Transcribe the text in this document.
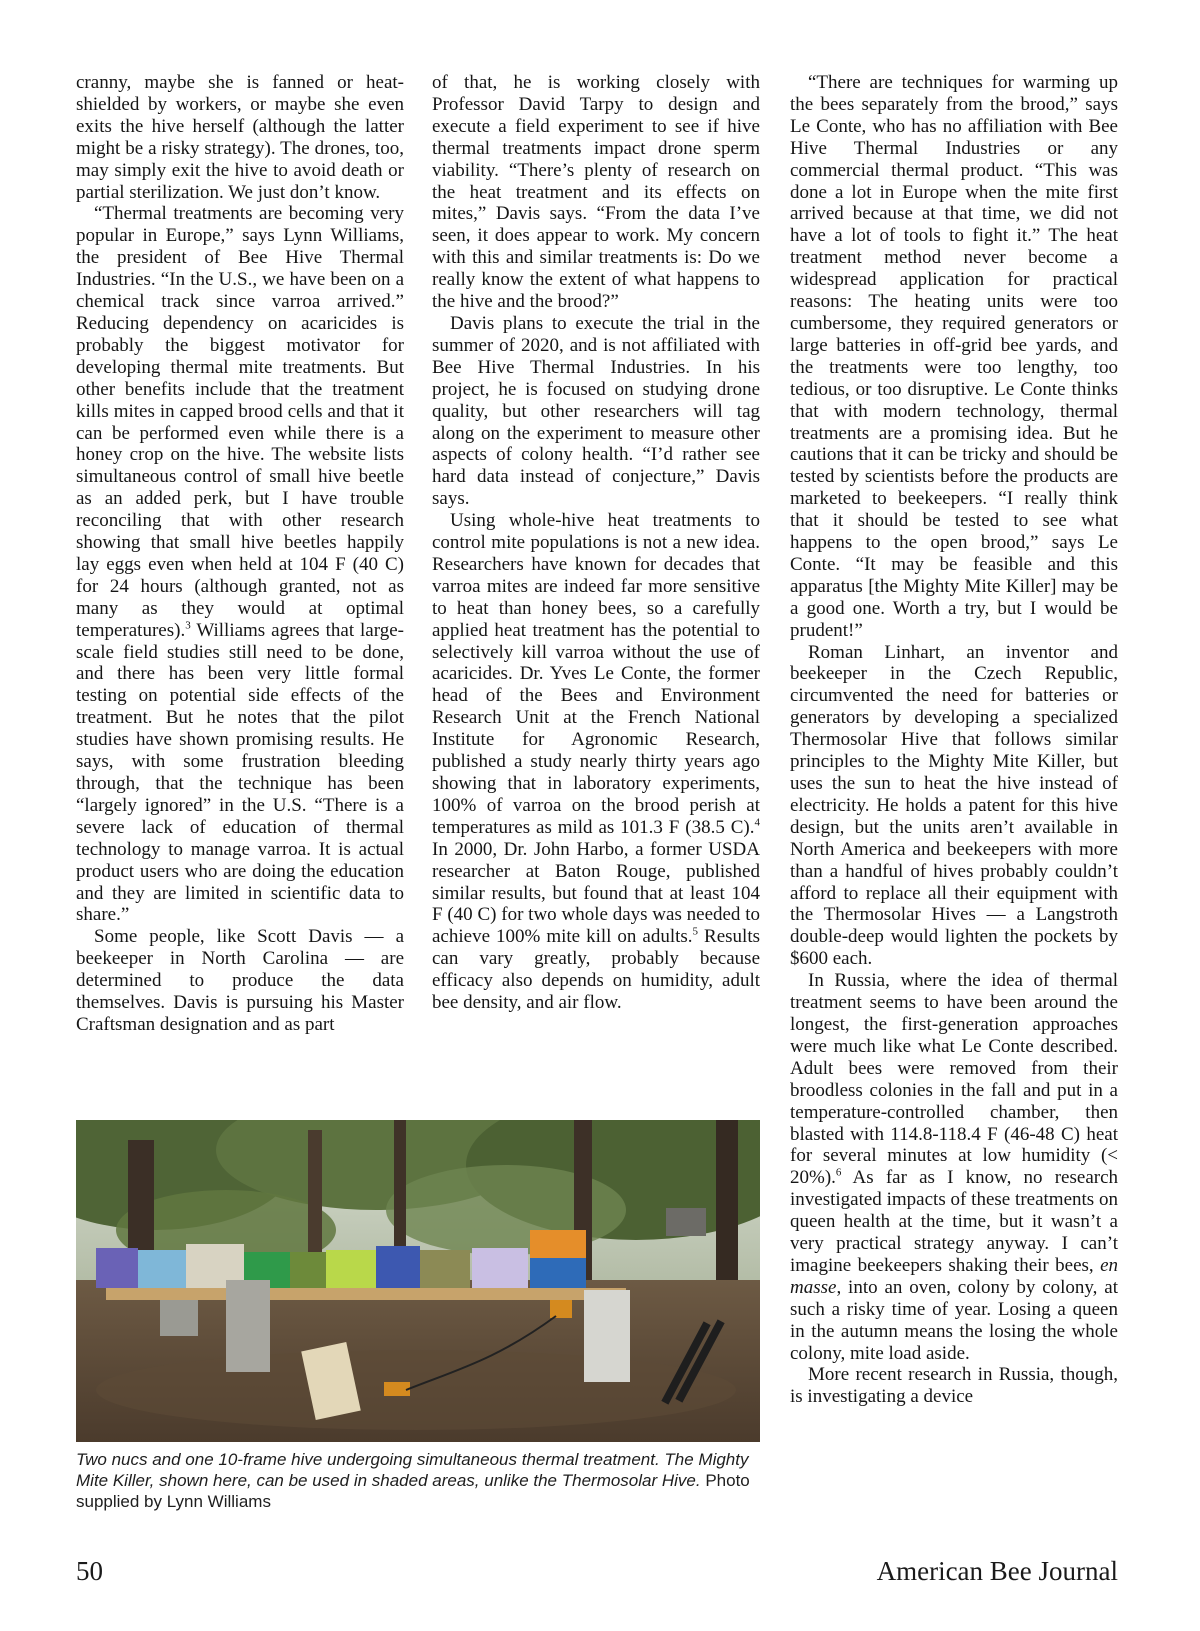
cranny, maybe she is fanned or heat-shielded by workers, or maybe she even exits the hive herself (although the latter might be a risky strategy). The drones, too, may simply exit the hive to avoid death or partial sterilization. We just don’t know.

“Thermal treatments are becoming very popular in Europe,” says Lynn Williams, the president of Bee Hive Thermal Industries. “In the U.S., we have been on a chemical track since varroa arrived.” Reducing dependency on acaricides is probably the biggest motivator for developing thermal mite treatments. But other benefits include that the treatment kills mites in capped brood cells and that it can be performed even while there is a honey crop on the hive. The website lists simultaneous control of small hive beetle as an added perk, but I have trouble reconciling that with other research showing that small hive beetles happily lay eggs even when held at 104 F (40 C) for 24 hours (although granted, not as many as they would at optimal temperatures).$^3$ Williams agrees that large-scale field studies still need to be done, and there has been very little formal testing on potential side effects of the treatment. But he notes that the pilot studies have shown promising results. He says, with some frustration bleeding through, that the technique has been “largely ignored” in the U.S. “There is a severe lack of education of thermal technology to manage varroa. It is actual product users who are doing the education and they are limited in scientific data to share.”

Some people, like Scott Davis — a beekeeper in North Carolina — are determined to produce the data themselves. Davis is pursuing his Master Craftsman designation and as part

of that, he is working closely with Professor David Tarpy to design and execute a field experiment to see if hive thermal treatments impact drone sperm viability. “There’s plenty of research on the heat treatment and its effects on mites,” Davis says. “From the data I’ve seen, it does appear to work. My concern with this and similar treatments is: Do we really know the extent of what happens to the hive and the brood?”

Davis plans to execute the trial in the summer of 2020, and is not affiliated with Bee Hive Thermal Industries. In his project, he is focused on studying drone quality, but other researchers will tag along on the experiment to measure other aspects of colony health. “I’d rather see hard data instead of conjecture,” Davis says.

Using whole-hive heat treatments to control mite populations is not a new idea. Researchers have known for decades that varroa mites are indeed far more sensitive to heat than honey bees, so a carefully applied heat treatment has the potential to selectively kill varroa without the use of acaricides. Dr. Yves Le Conte, the former head of the Bees and Environment Research Unit at the French National Institute for Agronomic Research, published a study nearly thirty years ago showing that in laboratory experiments, 100% of varroa on the brood perish at temperatures as mild as 101.3 F (38.5 C).$^4$ In 2000, Dr. John Harbo, a former USDA researcher at Baton Rouge, published similar results, but found that at least 104 F (40 C) for two whole days was needed to achieve 100% mite kill on adults.$^5$ Results can vary greatly, probably because efficacy also depends on humidity, adult bee density, and air flow.

“There are techniques for warming up the bees separately from the brood,” says Le Conte, who has no affiliation with Bee Hive Thermal Industries or any commercial thermal product. “This was done a lot in Europe when the mite first arrived because at that time, we did not have a lot of tools to fight it.” The heat treatment method never become a widespread application for practical reasons: The heating units were too cumbersome, they required generators or large batteries in off-grid bee yards, and the treatments were too lengthy, too tedious, or too disruptive. Le Conte thinks that with modern technology, thermal treatments are a promising idea. But he cautions that it can be tricky and should be tested by scientists before the products are marketed to beekeepers. “I really think that it should be tested to see what happens to the open brood,” says Le Conte. “It may be feasible and this apparatus [the Mighty Mite Killer] may be a good one. Worth a try, but I would be prudent!”

Roman Linhart, an inventor and beekeeper in the Czech Republic, circumvented the need for batteries or generators by developing a specialized Thermosolar Hive that follows similar principles to the Mighty Mite Killer, but uses the sun to heat the hive instead of electricity. He holds a patent for this hive design, but the units aren’t available in North America and beekeepers with more than a handful of hives probably couldn’t afford to replace all their equipment with the Thermosolar Hives — a Langstroth double-deep would lighten the pockets by $600 each.

In Russia, where the idea of thermal treatment seems to have been around the longest, the first-generation approaches were much like what Le Conte described. Adult bees were removed from their broodless colonies in the fall and put in a temperature-controlled chamber, then blasted with 114.8-118.4 F (46-48 C) heat for several minutes at low humidity (< 20%).$^6$ As far as I know, no research investigated impacts of these treatments on queen health at the time, but it wasn’t a very practical strategy anyway. I can’t imagine beekeepers shaking their bees, en masse, into an oven, colony by colony, at such a risky time of year. Losing a queen in the autumn means the losing the whole colony, mite load aside.

More recent research in Russia, though, is investigating a device

Two nucs and one 10-frame hive undergoing simultaneous thermal treatment. The Mighty Mite Killer, shown here, can be used in shaded areas, unlike the Thermosolar Hive. Photo supplied by Lynn Williams
50	American Bee Journal
